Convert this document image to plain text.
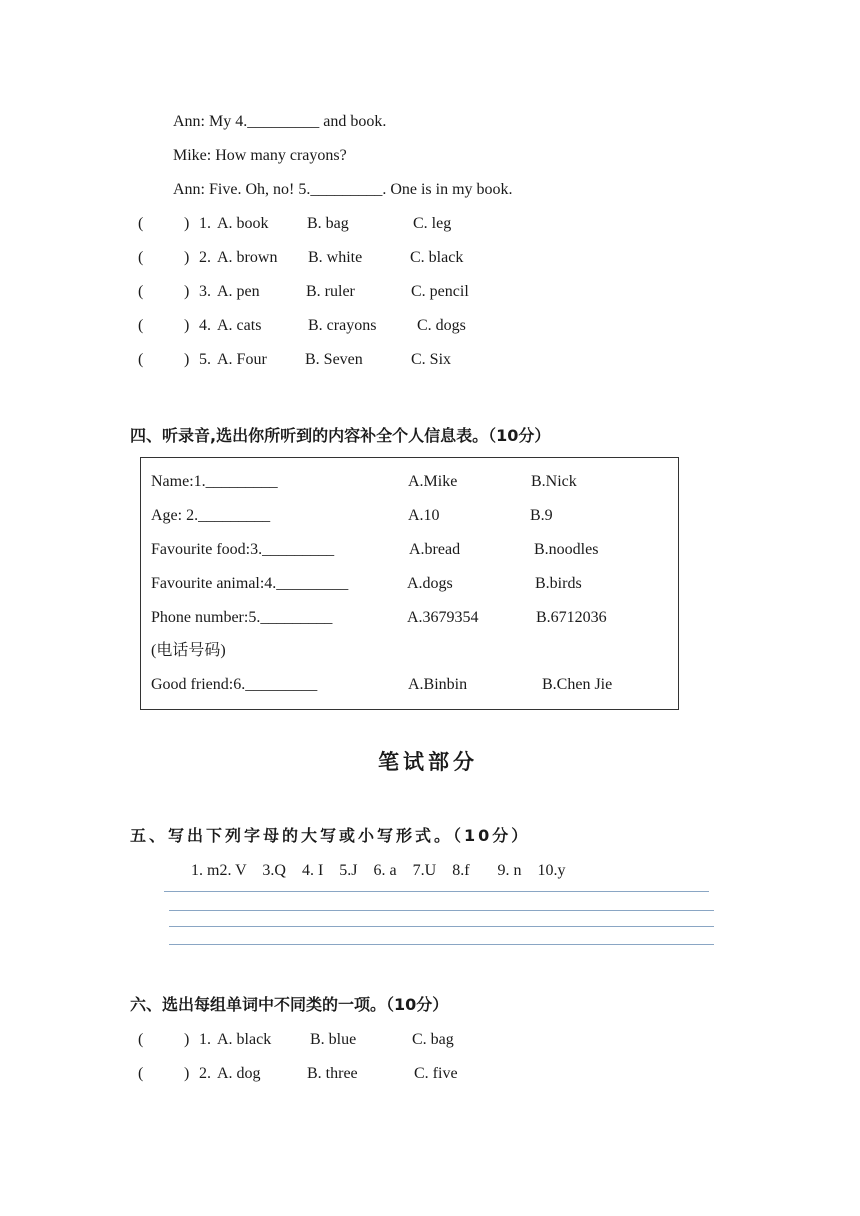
Ann: My 4._________ and book.
Mike: How many crayons?
Ann: Five. Oh, no! 5._________. One is in my book.
(	) 1. A. book B. bag	C. leg
(	) 2. A. brown B. white	C. black
(	) 3. A. pen	B. ruler	C. pencil
(	) 4. A. cats	B. crayons	C. dogs
(	) 5. A. Four B. Seven	C. Six
四、听录音,选出你所听到的内容补全个人信息表。（10分）
Name:1._________	A.Mike	B.Nick
Age: 2._________	A.10	B.9
Favourite food:3._________	A.bread	B.noodles
Favourite animal:4._________	A.dogs	B.birds
Phone number:5._________	A.3679354	B.6712036
(电话号码)
Good friend:6._________	A.Binbin	B.Chen Jie
笔试部分
五、写出下列字母的大写或小写形式。（10分）
1. m2. V    3.Q    4. I    5.J    6. a    7.U    8.f       9. n    10.y
六、选出每组单词中不同类的一项。（10分）
(	) 1. A. black B. blue	C. bag
(	) 2. A. dog	B. three	C. five
